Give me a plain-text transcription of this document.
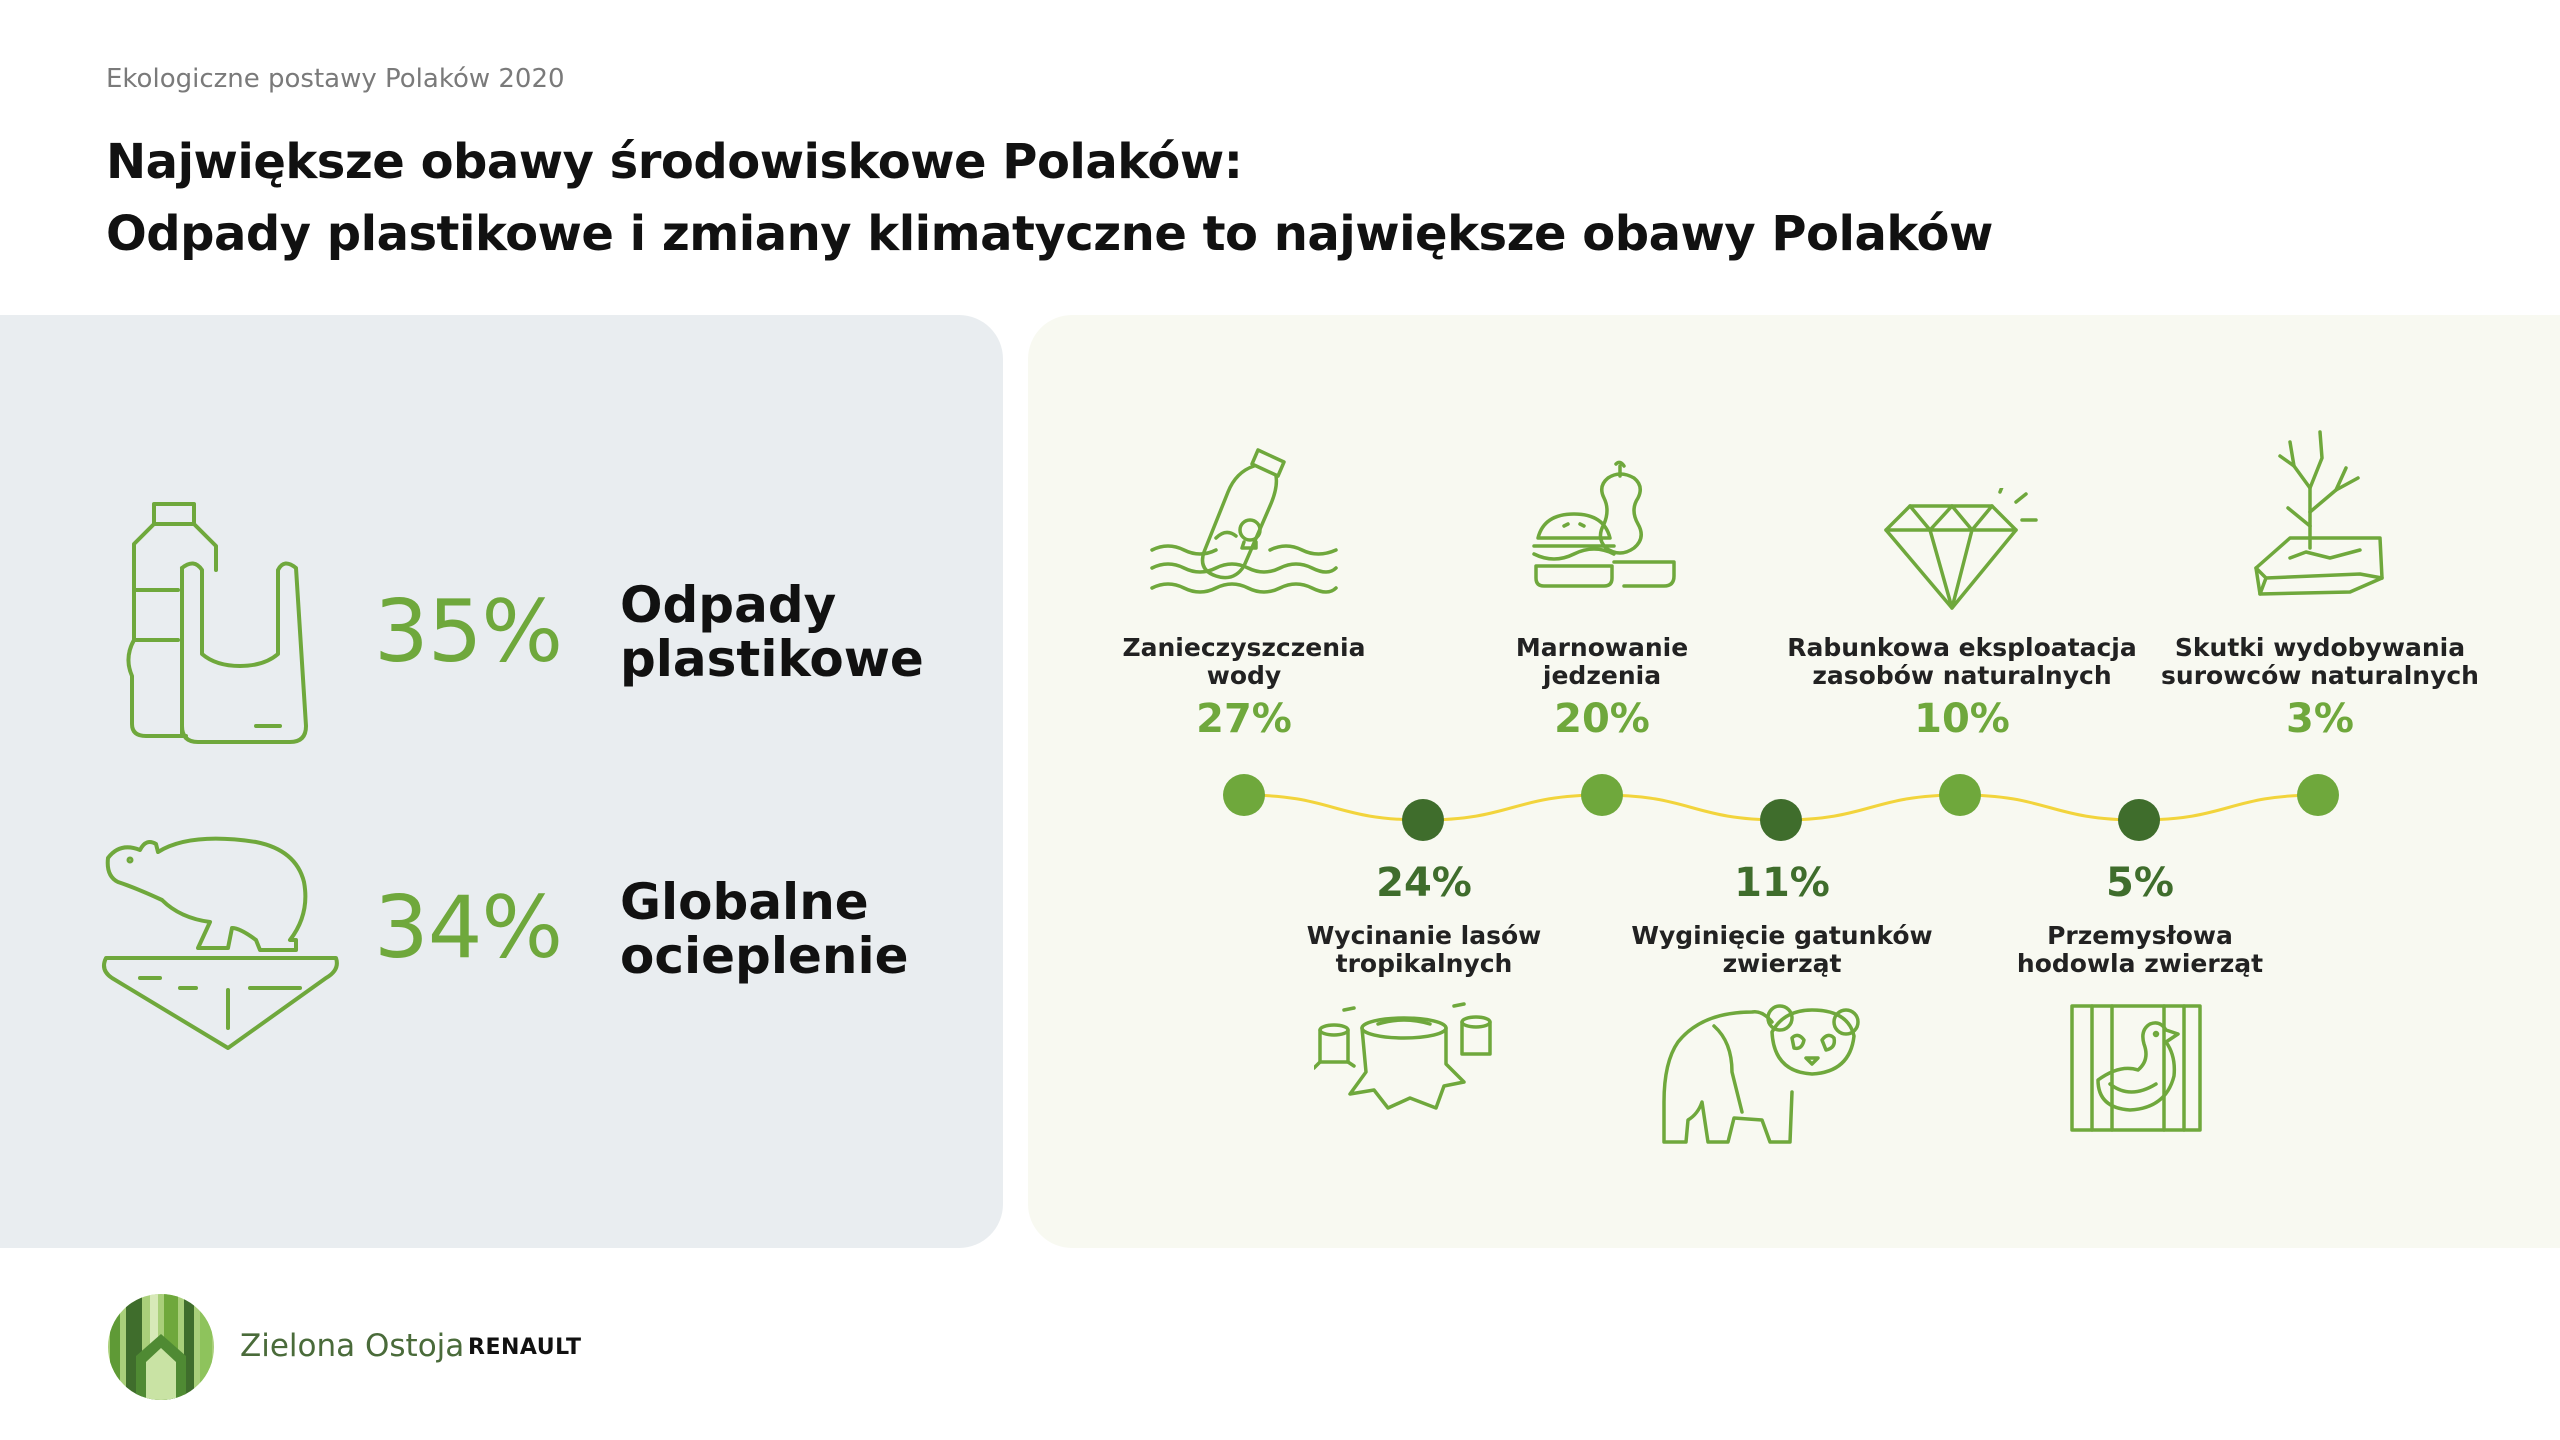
Ekologiczne postawy Polaków 2020
Największe obawy środowiskowe Polaków:
Odpady plastikowe i zmiany klimatyczne to największe obawy Polaków
35% Odpady
plastikowe
34% Globalne
ocieplenie
Zanieczyszczenia
wody
27%
Marnowanie
jedzenia
20%
Rabunkowa eksploatacja
zasobów naturalnych
10%
Skutki wydobywania
surowców naturalnych
3%
24%
Wycinanie lasów
tropikalnych
11%
Wyginięcie gatunków
zwierząt
5%
Przemysłowa
hodowla zwierząt
Zielona Ostoja RENAULT
